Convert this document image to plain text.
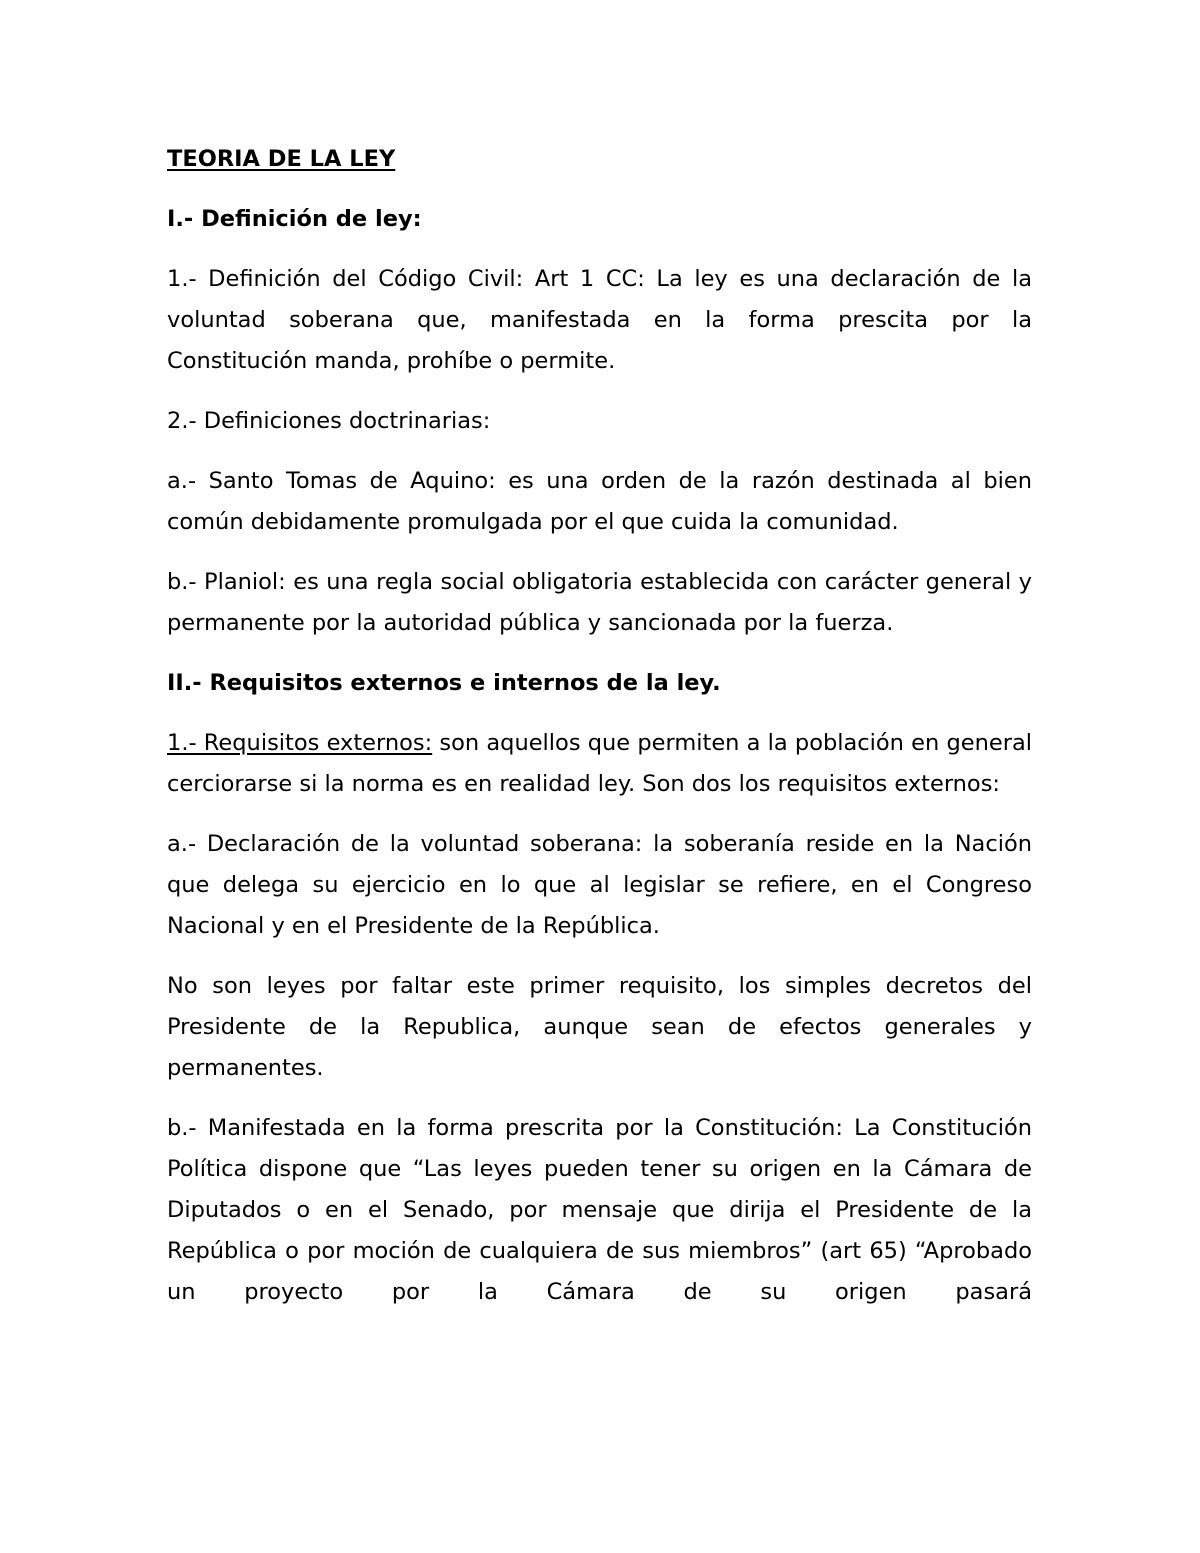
TEORIA DE LA LEY
I.- Definición de ley:

1.- Definición del Código Civil: Art 1 CC: La ley es una declaración de la voluntad soberana que, manifestada en la forma prescita por la Constitución manda, prohíbe o permite.

2.- Definiciones doctrinarias:

a.- Santo Tomas de Aquino: es una orden de la razón destinada al bien común debidamente promulgada por el que cuida la comunidad.

b.- Planiol: es una regla social obligatoria establecida con carácter general y permanente por la autoridad pública y sancionada por la fuerza.

II.- Requisitos externos e internos de la ley.

1.- Requisitos externos: son aquellos que permiten a la población en general cerciorarse si la norma es en realidad ley. Son dos los requisitos externos:

a.- Declaración de la voluntad soberana: la soberanía reside en la Nación que delega su ejercicio en lo que al legislar se refiere, en el Congreso Nacional y en el Presidente de la República.

No son leyes por faltar este primer requisito, los simples decretos del Presidente de la Republica, aunque sean de efectos generales y permanentes.

b.- Manifestada en la forma prescrita por la Constitución: La Constitución Política dispone que “Las leyes pueden tener su origen en la Cámara de Diputados o en el Senado, por mensaje que dirija el Presidente de la República o por moción de cualquiera de sus miembros” (art 65) “Aprobado un proyecto por la Cámara de su origen pasará
